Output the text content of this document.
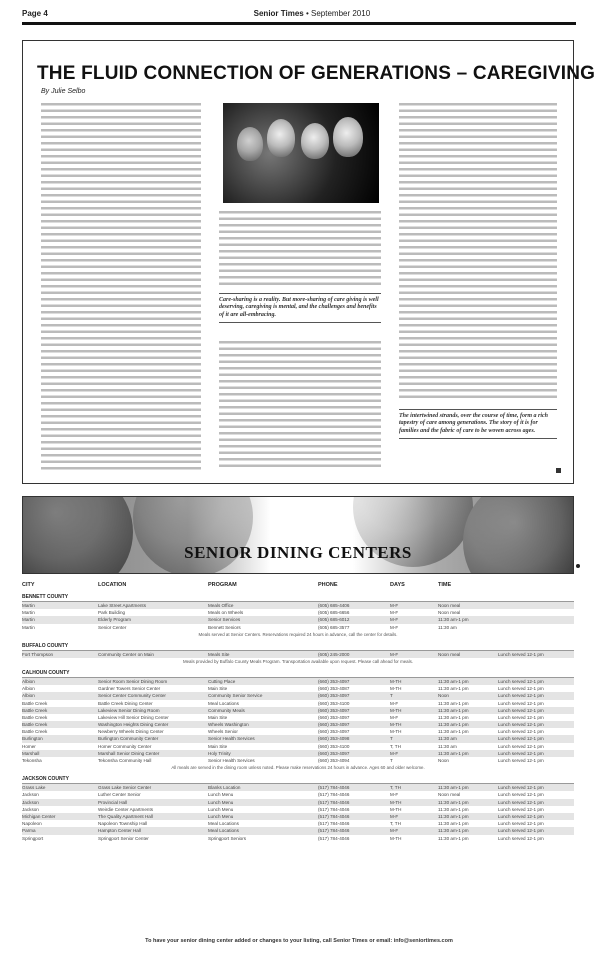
Page 4	Senior Times • September 2010
THE FLUID CONNECTION OF GENERATIONS – CAREGIVING
By Julie Selbo
Care-sharing is a reality. But more-sharing of care giving is well deserving, caregiving is mental, and the challenges and benefits of it are all-embracing.
The intertwined strands, over the course of time, form a rich tapestry of care among generations. The story of it is for families and the fabric of care to be woven across ages.
SENIOR DINING CENTERS
CITY	LOCATION	PROGRAM	PHONE	DAYS	TIME
BENNETT COUNTY
Martin	Lake Street Apartments	Meals Office	(605) 685-4406	M-F	Noon meal
Martin	Park Building	Meals on Wheels	(605) 685-6656	M-F	Noon meal
Martin	Elderly Program	Senior Services	(605) 685-6012	M-F	11:30 am-1 pm
Martin	Senior Center	Bennett Seniors	(605) 685-3577	M-F	11:30 am
Meals served at Senior Centers. Reservations required 24 hours in advance, call the center for details.
BUFFALO COUNTY
Fort Thompson	Community Center on Main	Meals Site	(605) 245-2000	M-F	Noon meal	Lunch served 12-1 pm
Meals provided by Buffalo County Meals Program. Transportation available upon request. Please call ahead for meals.
CALHOUN COUNTY
Albion	Senior Room Senior Dining Room	Cutting Place	(660) 353-4097	M-TH	11:30 am-1 pm	Lunch served 12-1 pm
Albion	Gardner Towers Senior Center	Main Site	(660) 353-4087	M-TH	11:30 am-1 pm	Lunch served 12-1 pm
Albion	Senior Center Community Center	Community Senior Service	(660) 353-4097	T	Noon	Lunch served 12-1 pm
Battle Creek	Battle Creek Dining Center	Meal Locations	(660) 353-4100	M-F	11:30 am-1 pm	Lunch served 12-1 pm
Battle Creek	Lakeview Senior Dining Room	Community Meals	(660) 353-4097	M-TH	11:30 am-1 pm	Lunch served 12-1 pm
Battle Creek	Lakeview Hill Senior Dining Center	Main Site	(660) 353-4097	M-F	11:30 am-1 pm	Lunch served 12-1 pm
Battle Creek	Washington Heights Dining Center	Wheels Washington	(660) 353-4097	M-TH	11:30 am-1 pm	Lunch served 12-1 pm
Battle Creek	Newberry Wheels Dining Center	Wheels Senior	(660) 353-4097	M-TH	11:30 am-1 pm	Lunch served 12-1 pm
Burlington	Burlington Community Center	Senior Health Services	(660) 353-4098	T	11:30 am	Lunch served 12-1 pm
Homer	Homer Community Center	Main Site	(660) 353-4100	T, TH	11:30 am	Lunch served 12-1 pm
Marshall	Marshall Senior Dining Center	Holy Trinity	(660) 353-4097	M-F	11:30 am-1 pm	Lunch served 12-1 pm
Tekonsha	Tekonsha Community Hall	Senior Health Services	(660) 353-4094	T	Noon	Lunch served 12-1 pm
All meals are served in the dining room unless noted. Please make reservations 24 hours in advance. Ages 60 and older welcome.
JACKSON COUNTY
Grass Lake	Grass Lake Senior Center	Blanks Location	(517) 784-4046	T, TH	11:30 am-1 pm	Lunch served 12-1 pm
Jackson	Luther Center Senior	Lunch Menu	(517) 784-4046	M-F	Noon meal	Lunch served 12-1 pm
Jackson	Provincial Hall	Lunch Menu	(517) 784-4046	M-TH	11:30 am-1 pm	Lunch served 12-1 pm
Jackson	Weirdie Center Apartments	Lunch Menu	(517) 784-4046	M-TH	11:30 am-1 pm	Lunch served 12-1 pm
Michigan Center	The Quality Apartment Hall	Lunch Menu	(517) 784-4046	M-F	11:30 am-1 pm	Lunch served 12-1 pm
Napoleon	Napoleon Township Hall	Meal Locations	(517) 784-4046	T, TH	11:30 am-1 pm	Lunch served 12-1 pm
Parma	Hampton Center Hall	Meal Locations	(517) 784-4046	M-F	11:30 am-1 pm	Lunch served 12-1 pm
Springport	Springport Senior Center	Springport Seniors	(517) 784-4046	M-TH	11:30 am-1 pm	Lunch served 12-1 pm
To have your senior dining center added or changes to your listing, call Senior Times or email: info@seniortimes.com
